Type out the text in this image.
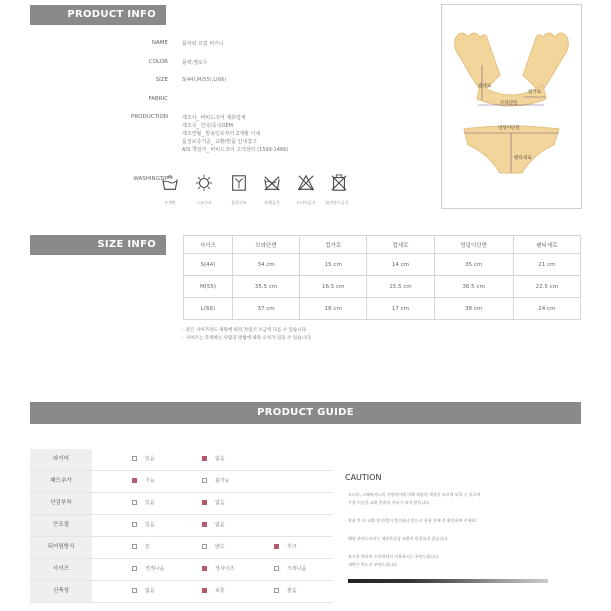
PRODUCT INFO
NAME	플라워 프릴 비키니
COLOR	블랙,옐로우
SIZE	S(44),M(55),L(66)
FABRIC
PRODUCTION	제조사_ 바비드코어 제휴업체
제조국_ 한국/중국OEM
제조연월_ 발송일로부터 2개월 이내
품질보증기준_ 교환/반품 안내참고
A/S 책임자_ 바비드코어 고객센터 (1599-1466)
WASHINGTIP
손세탁	그늘건조	음평건조	표백금지	드라이금지	회전탈수금지
컵세로
컵가로
브라단면
엉덩이단면
팬티세로
SIZE INFO	사이즈	브라단면	컵가로	컵세로	엉덩이단면	팬티세로
S(44)	34 cm	15 cm	14 cm	35 cm	21 cm
M(55)	35.5 cm	16.5 cm	15.5 cm	36.5 cm	22.5 cm
L(66)	37 cm	18 cm	17 cm	38 cm	24 cm
· 같은 사이즈라도 제원에 따라 작업시 조금씩 다를 수 있습니다.
· 사이즈는 측정하는 사람과 방법에 따라 오차가 있을 수 있습니다.
PRODUCT GUIDE
와이어	있음	없음
패드추가	가능	불가능
안감부착	있음	없음
끈조절	있음	없음
뒤여밈방식	끈	밴드	후크
사이즈	작게나옴	정사이즈	크게나옴
신축성	없음	보통	좋음
CAUTION
모니터, 그래픽카드의 사양차이에 의해 제품의 색상이 다르게 보일 수 있으며
가장 비슷한 교환 반품의 사유가 되지 않습니다.
착용 후 또 교환 및 환불이 불가하니 반드시 착용 전에 꼭 확인하여 주세요!
해당 바비드코어는 제품특성상 교환이 반품되지 않습니다.
유기적 원단의 주의하셔서 사용하시는 부탁드립니다.
세탁은 반드시 부탁드립니다.
